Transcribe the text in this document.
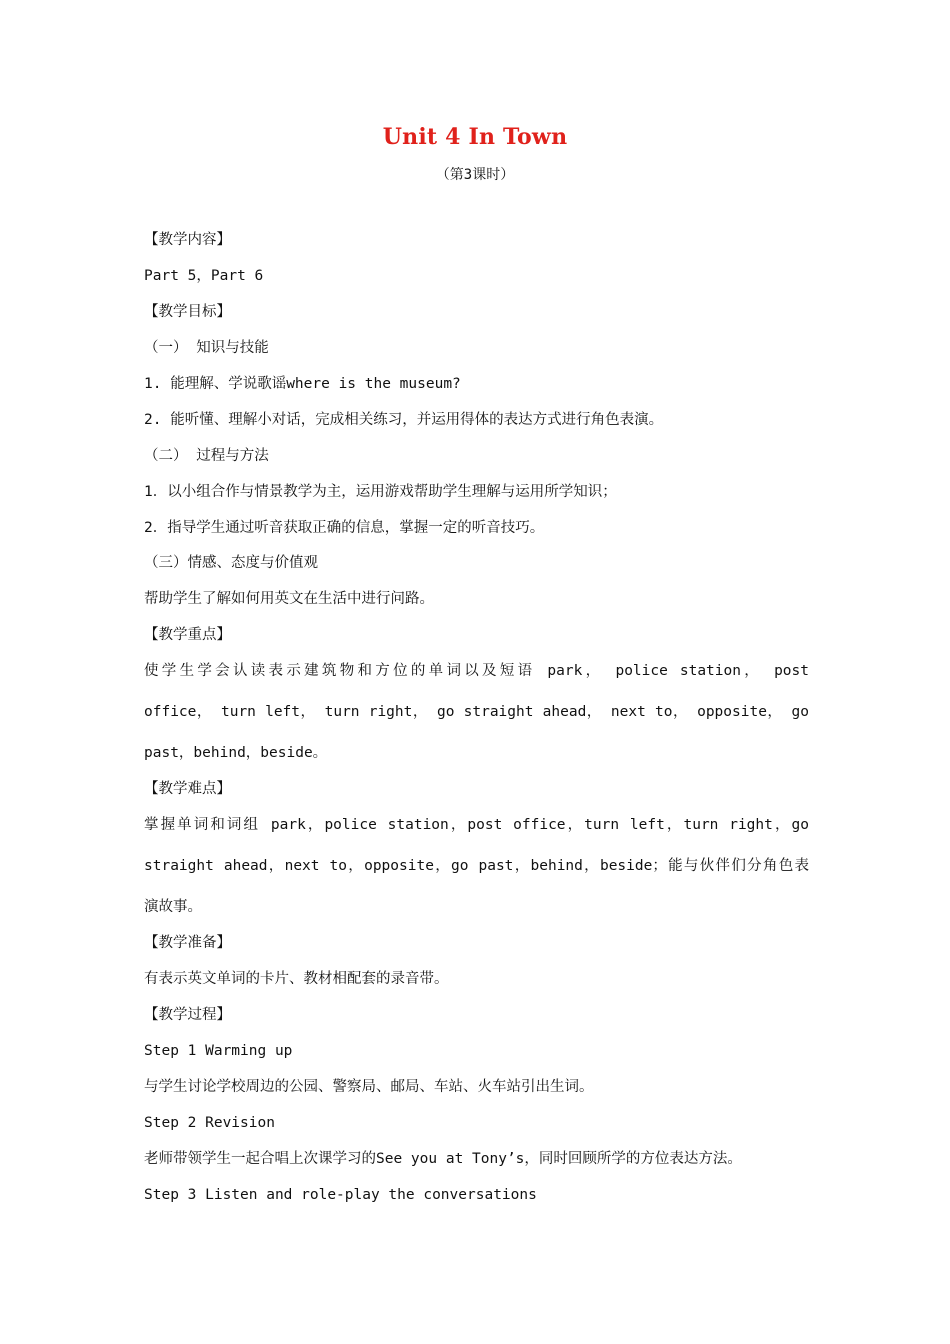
Unit 4 In Town
（第3课时）
【教学内容】
Part 5，Part 6
【教学目标】
（一） 知识与技能
1. 能理解、学说歌谣where is the museum?
2. 能听懂、理解小对话，完成相关练习，并运用得体的表达方式进行角色表演。
（二） 过程与方法
1．以小组合作与情景教学为主，运用游戏帮助学生理解与运用所学知识；
2．指导学生通过听音获取正确的信息，掌握一定的听音技巧。
（三）情感、态度与价值观
帮助学生了解如何用英文在生活中进行问路。
【教学重点】
使学生学会认读表示建筑物和方位的单词以及短语 park， police station， post
office， turn left， turn right， go straight ahead， next to， opposite， go
past，behind，beside。
【教学难点】
掌握单词和词组 park，police station，post office，turn left，turn right，go
straight ahead，next to，opposite，go past，behind，beside；能与伙伴们分角色表
演故事。
【教学准备】
有表示英文单词的卡片、教材相配套的录音带。
【教学过程】
Step 1 Warming up
与学生讨论学校周边的公园、警察局、邮局、车站、火车站引出生词。
Step 2 Revision
老师带领学生一起合唱上次课学习的See you at Tony’s，同时回顾所学的方位表达方法。
Step 3 Listen and role-play the conversations
